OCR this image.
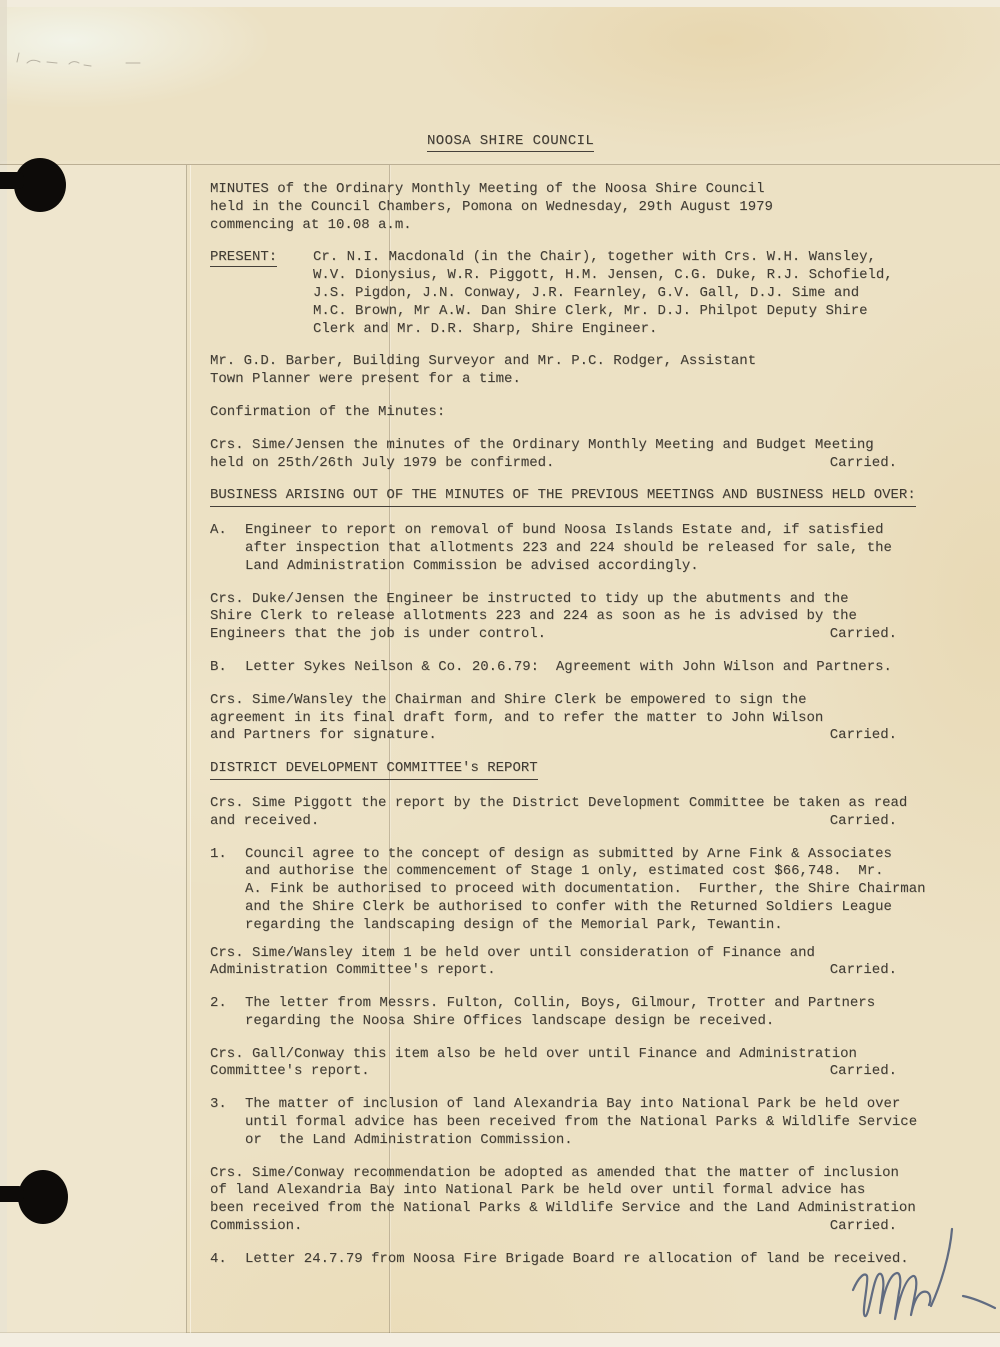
NOOSA SHIRE COUNCIL
MINUTES of the Ordinary Monthly Meeting of the Noosa Shire Council
held in the Council Chambers, Pomona on Wednesday, 29th August 1979
commencing at 10.08 a.m.
PRESENT:	Cr. N.I. Macdonald (in the Chair), together with Crs. W.H. Wansley,
W.V. Dionysius, W.R. Piggott, H.M. Jensen, C.G. Duke, R.J. Schofield,
J.S. Pigdon, J.N. Conway, J.R. Fearnley, G.V. Gall, D.J. Sime and
M.C. Brown, Mr A.W. Dan Shire Clerk, Mr. D.J. Philpot Deputy Shire
Clerk and Mr. D.R. Sharp, Shire Engineer.
Mr. G.D. Barber, Building Surveyor and Mr. P.C. Rodger, Assistant
Town Planner were present for a time.
Confirmation of the Minutes:
Crs. Sime/Jensen the minutes of the Ordinary Monthly Meeting and Budget Meeting
held on 25th/26th July 1979 be confirmed.	Carried.
BUSINESS ARISING OUT OF THE MINUTES OF THE PREVIOUS MEETINGS AND BUSINESS HELD OVER:
A.	Engineer to report on removal of bund Noosa Islands Estate and, if satisfied
after inspection that allotments 223 and 224 should be released for sale, the
Land Administration Commission be advised accordingly.
Crs. Duke/Jensen the Engineer be instructed to tidy up the abutments and the
Shire Clerk to release allotments 223 and 224 as soon as he is advised by the
Engineers that the job is under control.	Carried.
B.	Letter Sykes Neilson & Co. 20.6.79:  Agreement with John Wilson and Partners.
Crs. Sime/Wansley the Chairman and Shire Clerk be empowered to sign the
agreement in its final draft form, and to refer the matter to John Wilson
and Partners for signature.	Carried.
DISTRICT DEVELOPMENT COMMITTEE's REPORT
Crs. Sime Piggott the report by the District Development Committee be taken as read
and received.	Carried.
1.	Council agree to the concept of design as submitted by Arne Fink & Associates
and authorise the commencement of Stage 1 only, estimated cost $66,748.  Mr.
A. Fink be authorised to proceed with documentation.  Further, the Shire Chairman
and the Shire Clerk be authorised to confer with the Returned Soldiers League
regarding the landscaping design of the Memorial Park, Tewantin.
Crs. Sime/Wansley item 1 be held over until consideration of Finance and
Administration Committee's report.	Carried.
2.	The letter from Messrs. Fulton, Collin, Boys, Gilmour, Trotter and Partners
regarding the Noosa Shire Offices landscape design be received.
Crs. Gall/Conway this item also be held over until Finance and Administration
Committee's report.	Carried.
3.	The matter of inclusion of land Alexandria Bay into National Park be held over
until formal advice has been received from the National Parks & Wildlife Service
or  the Land Administration Commission.
Crs. Sime/Conway recommendation be adopted as amended that the matter of inclusion
of land Alexandria Bay into National Park be held over until formal advice has
been received from the National Parks & Wildlife Service and the Land Administration
Commission.	Carried.
4.	Letter 24.7.79 from Noosa Fire Brigade Board re allocation of land be received.
